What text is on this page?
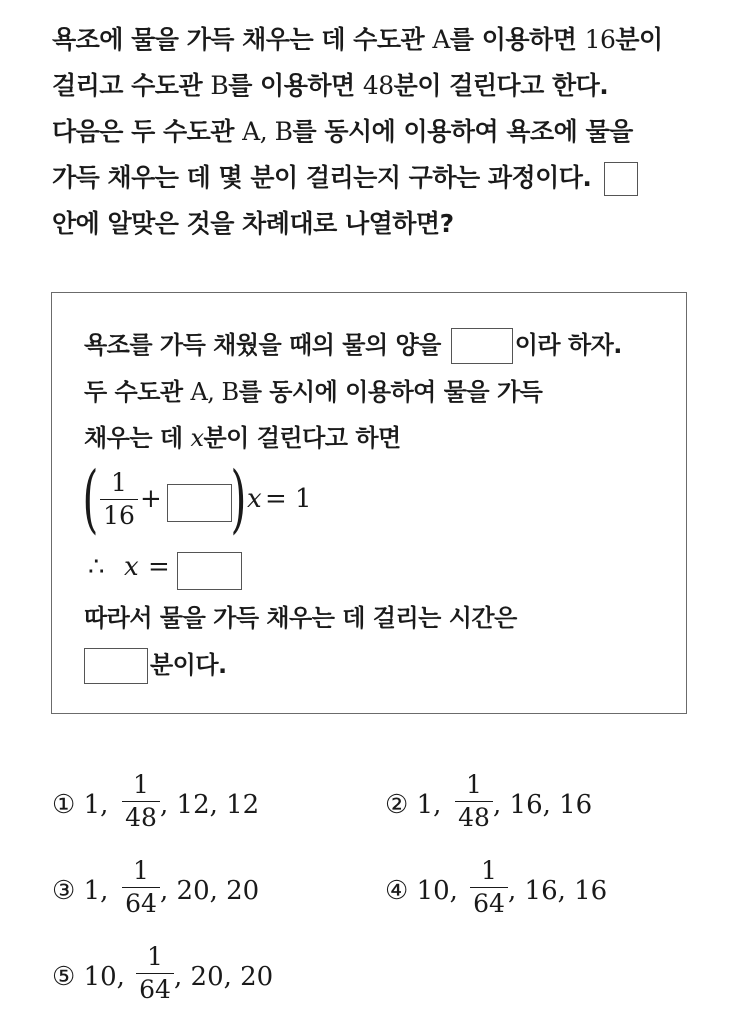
욕조에 물을 가득 채우는 데 수도관 A를 이용하면 16분이
걸리고 수도관 B를 이용하면 48분이 걸린다고 한다.
다음은 두 수도관 A, B를 동시에 이용하여 욕조에 물을
가득 채우는 데 몇 분이 걸리는지 구하는 과정이다.
안에 알맞은 것을 차례대로 나열하면?
욕조를 가득 채웠을 때의 물의 양을	이라 하자.
두 수도관 A, B를 동시에 이용하여 물을 가득
채우는 데 x분이 걸린다고 하면
( 1
16
+ ) x = 1
∴ x =
따라서 물을 가득 채우는 데 걸리는 시간은
분이다.
① 1,
1
48 , 12, 12	② 1,
1
48 , 16, 16
③ 1,
1
64 , 20, 20	④ 10,
1
64 , 16, 16
⑤ 10,
1
64 , 20, 20
